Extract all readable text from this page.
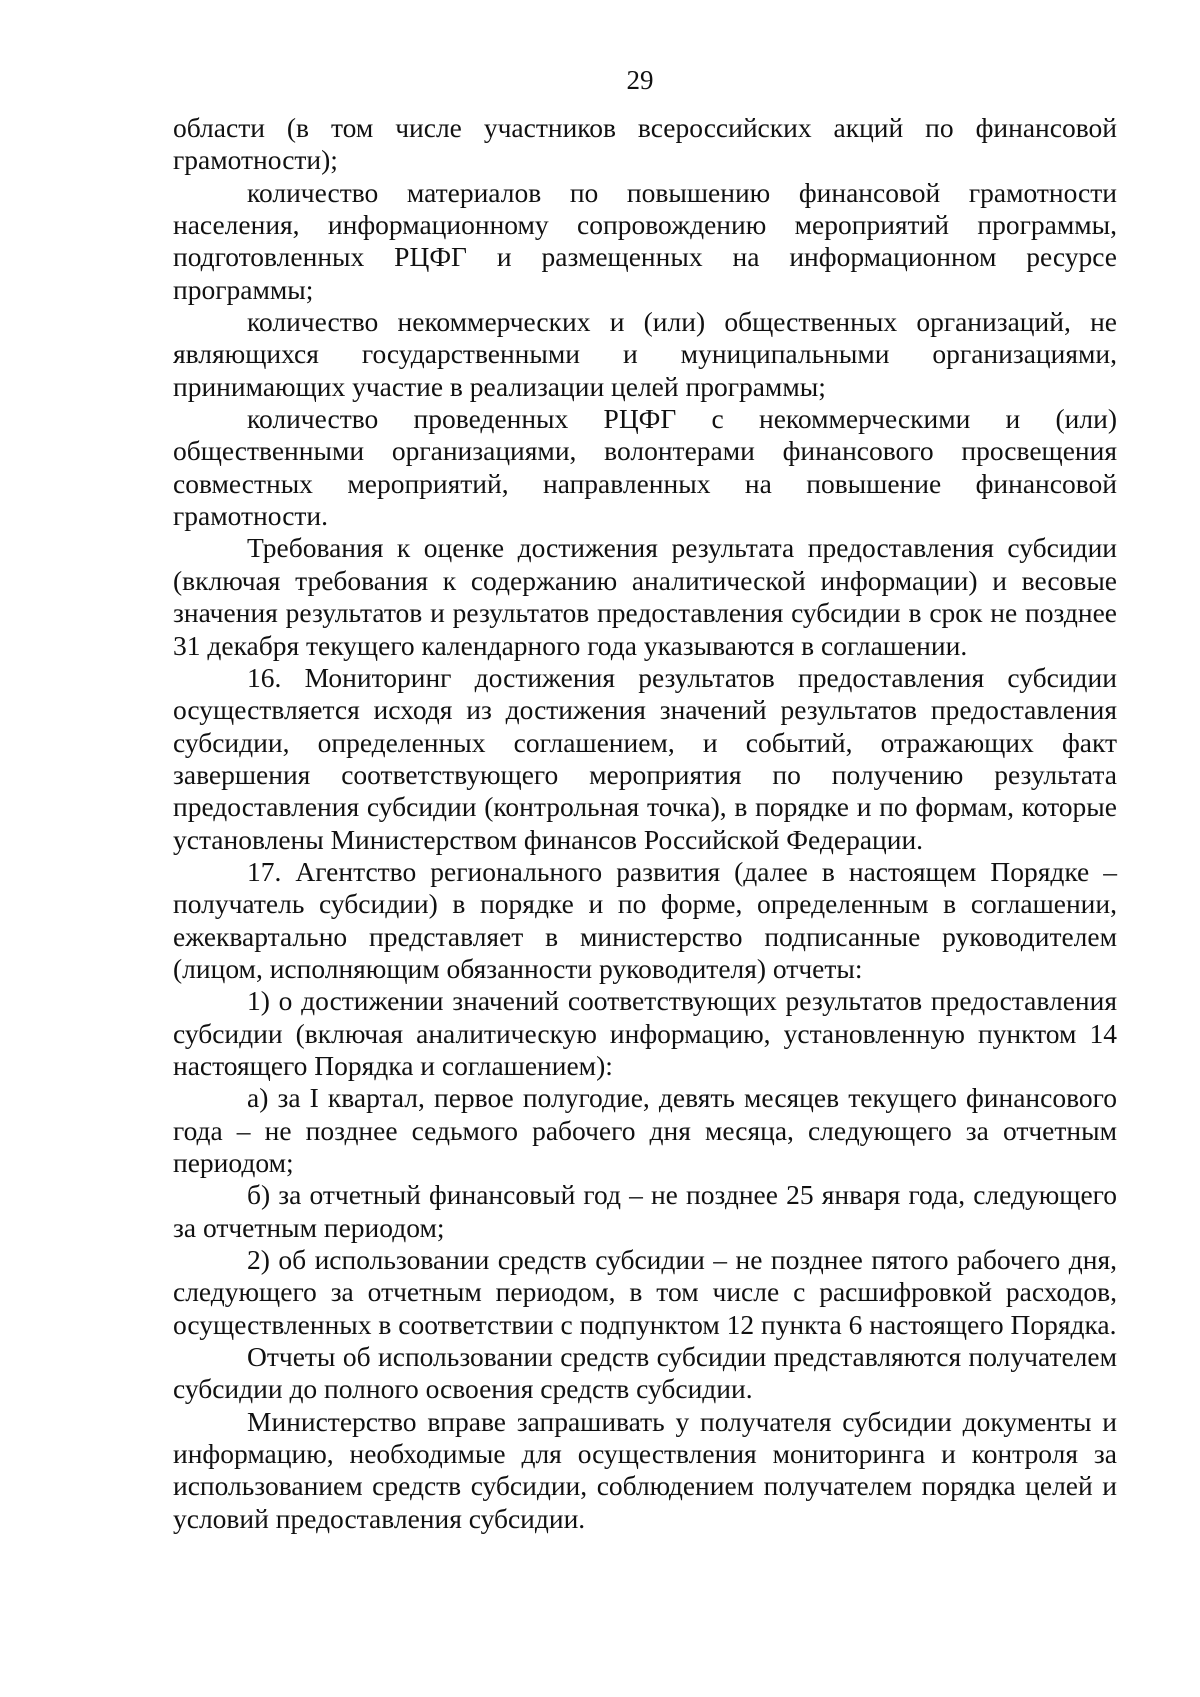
29

области (в том числе участников всероссийских акций по финансовой грамотности);

количество материалов по повышению финансовой грамотности населения, информационному сопровождению мероприятий программы, подготовленных РЦФГ и размещенных на информационном ресурсе программы;

количество некоммерческих и (или) общественных организаций, не являющихся государственными и муниципальными организациями, принимающих участие в реализации целей программы;

количество проведенных РЦФГ с некоммерческими и (или) общественными организациями, волонтерами финансового просвещения совместных мероприятий, направленных на повышение финансовой грамотности.

Требования к оценке достижения результата предоставления субсидии (включая требования к содержанию аналитической информации) и весовые значения результатов и результатов предоставления субсидии в срок не позднее 31 декабря текущего календарного года указываются в соглашении.

16. Мониторинг достижения результатов предоставления субсидии осуществляется исходя из достижения значений результатов предоставления субсидии, определенных соглашением, и событий, отражающих факт завершения соответствующего мероприятия по получению результата предоставления субсидии (контрольная точка), в порядке и по формам, которые установлены Министерством финансов Российской Федерации.

17. Агентство регионального развития (далее в настоящем Порядке – получатель субсидии) в порядке и по форме, определенным в соглашении, ежеквартально представляет в министерство подписанные руководителем (лицом, исполняющим обязанности руководителя) отчеты:

1) о достижении значений соответствующих результатов предоставления субсидии (включая аналитическую информацию, установленную пунктом 14 настоящего Порядка и соглашением):

а) за I квартал, первое полугодие, девять месяцев текущего финансового года – не позднее седьмого рабочего дня месяца, следующего за отчетным периодом;

б) за отчетный финансовый год – не позднее 25 января года, следующего за отчетным периодом;

2) об использовании средств субсидии – не позднее пятого рабочего дня, следующего за отчетным периодом, в том числе с расшифровкой расходов, осуществленных в соответствии с подпунктом 12 пункта 6 настоящего Порядка.

Отчеты об использовании средств субсидии представляются получателем субсидии до полного освоения средств субсидии.

Министерство вправе запрашивать у получателя субсидии документы и информацию, необходимые для осуществления мониторинга и контроля за использованием средств субсидии, соблюдением получателем порядка целей и условий предоставления субсидии.
